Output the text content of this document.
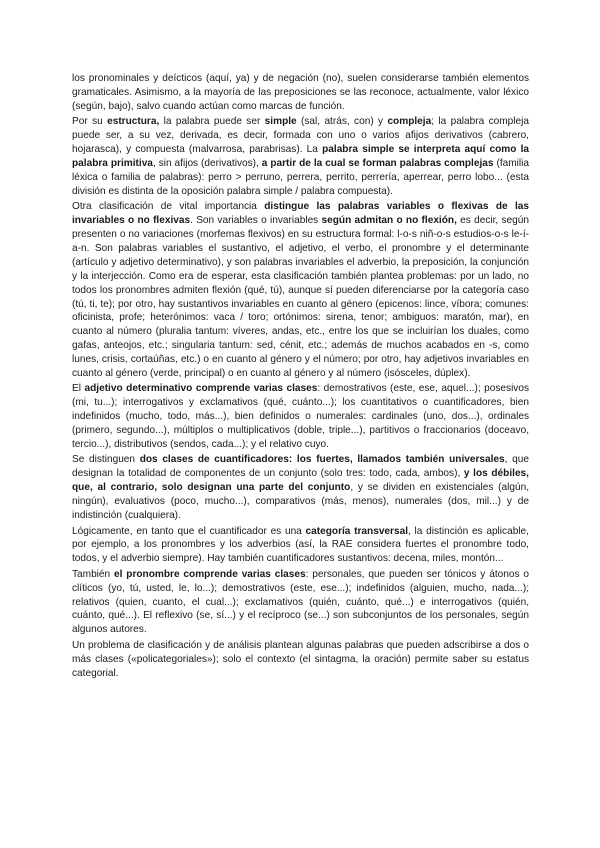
los pronominales y deícticos (aquí, ya) y de negación (no), suelen considerarse también elementos gramaticales. Asimismo, a la mayoría de las preposiciones se las reconoce, actualmente, valor léxico (según, bajo), salvo cuando actúan como marcas de función.

Por su estructura, la palabra puede ser simple (sal, atrás, con) y compleja; la palabra compleja puede ser, a su vez, derivada, es decir, formada con uno o varios afijos derivativos (cabrero, hojarasca), y compuesta (malvarrosa, parabrisas). La palabra simple se interpreta aquí como la palabra primitiva, sin afijos (derivativos), a partir de la cual se forman palabras complejas (familia léxica o familia de palabras): perro > perruno, perrera, perrito, perrería, aperrear, perro lobo... (esta división es distinta de la oposición palabra simple / palabra compuesta).

Otra clasificación de vital importancia distingue las palabras variables o flexivas de las invariables o no flexivas. Son variables o invariables según admitan o no flexión, es decir, según presenten o no variaciones (morfemas flexivos) en su estructura formal: l-o-s niñ-o-s estudios-o-s le-í-a-n. Son palabras variables el sustantivo, el adjetivo, el verbo, el pronombre y el determinante (artículo y adjetivo determinativo), y son palabras invariables el adverbio, la preposición, la conjunción y la interjección. Como era de esperar, esta clasificación también plantea problemas: por un lado, no todos los pronombres admiten flexión (qué, tú), aunque sí pueden diferenciarse por la categoría caso (tú, ti, te); por otro, hay sustantivos invariables en cuanto al género (epicenos: lince, víbora; comunes: oficinista, profe; heterónimos: vaca / toro; ortónimos: sirena, tenor; ambiguos: maratón, mar), en cuanto al número (pluralia tantum: víveres, andas, etc., entre los que se incluirían los duales, como gafas, anteojos, etc.; singularia tantum: sed, cénit, etc.; además de muchos acabados en -s, como lunes, crisis, cortaúñas, etc.) o en cuanto al género y el número; por otro, hay adjetivos invariables en cuanto al género (verde, principal) o en cuanto al género y al número (isósceles, dúplex).

El adjetivo determinativo comprende varias clases: demostrativos (este, ese, aquel...); posesivos (mi, tu...); interrogativos y exclamativos (qué, cuánto...); los cuantitativos o cuantificadores, bien indefinidos (mucho, todo, más...), bien definidos o numerales: cardinales (uno, dos...), ordinales (primero, segundo...), múltiplos o multiplicativos (doble, triple...), partitivos o fraccionarios (doceavo, tercio...), distributivos (sendos, cada...); y el relativo cuyo.

Se distinguen dos clases de cuantificadores: los fuertes, llamados también universales, que designan la totalidad de componentes de un conjunto (solo tres: todo, cada, ambos), y los débiles, que, al contrario, solo designan una parte del conjunto, y se dividen en existenciales (algún, ningún), evaluativos (poco, mucho...), comparativos (más, menos), numerales (dos, mil...) y de indistinción (cualquiera).

Lógicamente, en tanto que el cuantificador es una categoría transversal, la distinción es aplicable, por ejemplo, a los pronombres y los adverbios (así, la RAE considera fuertes el pronombre todo, todos, y el adverbio siempre). Hay también cuantificadores sustantivos: decena, miles, montón...

También el pronombre comprende varias clases: personales, que pueden ser tónicos y átonos o clíticos (yo, tú, usted, le, lo...); demostrativos (este, ese...); indefinidos (alguien, mucho, nada...); relativos (quien, cuanto, el cual...); exclamativos (quién, cuánto, qué...) e interrogativos (quién, cuánto, qué...). El reflexivo (se, sí...) y el recíproco (se...) son subconjuntos de los personales, según algunos autores.

Un problema de clasificación y de análisis plantean algunas palabras que pueden adscribirse a dos o más clases («policategoriales»); solo el contexto (el sintagma, la oración) permite saber su estatus categorial.
